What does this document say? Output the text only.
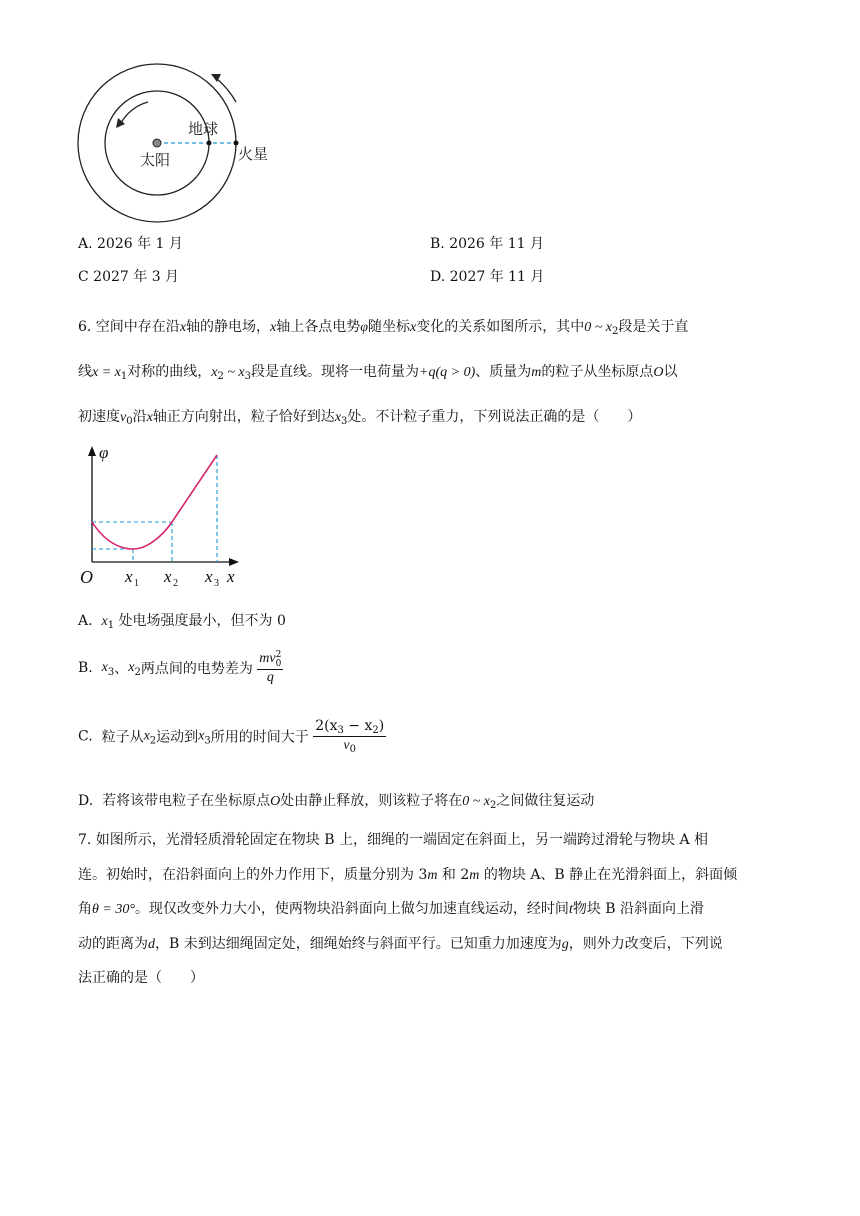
太阳
地球
火星
A. 2026 年 1 月	B. 2026 年 11 月
C 2027 年 3 月	D. 2027 年 11 月
6. 空间中存在沿x轴的静电场，x轴上各点电势φ随坐标x变化的关系如图所示，其中0 ~ $x_2$段是关于直
线$x = x_1$对称的曲线，$x_2$ ~ $x_3$段是直线。现将一电荷量为+q(q > 0)、质量为m的粒子从坐标原点O以
初速度$v_0$沿x轴正方向射出，粒子恰好到达$x_3$处。不计粒子重力，下列说法正确的是（　　）
φ
O x 1 x 2 x 3 x
A. $x_1$ 处电场强度最小，但不为 0
B. $x_3$、$x_2$两点间的电势差为 mv 2
0
q
C. 粒子从$x_2$运动到$x_3$所用的时间大于 $\frac{2(x_3 - x_2)}{v_0}$
D. 若将该带电粒子在坐标原点O处由静止释放，则该粒子将在0 ~ $x_2$之间做往复运动
7. 如图所示，光滑轻质滑轮固定在物块 B 上，细绳的一端固定在斜面上，另一端跨过滑轮与物块 A 相
连。初始时，在沿斜面向上的外力作用下，质量分别为 3m 和 2m 的物块 A、B 静止在光滑斜面上，斜面倾
角θ = 30°。现仅改变外力大小，使两物块沿斜面向上做匀加速直线运动，经时间t物块 B 沿斜面向上滑
动的距离为d，B 未到达细绳固定处，细绳始终与斜面平行。已知重力加速度为g，则外力改变后，下列说
法正确的是（　　）
